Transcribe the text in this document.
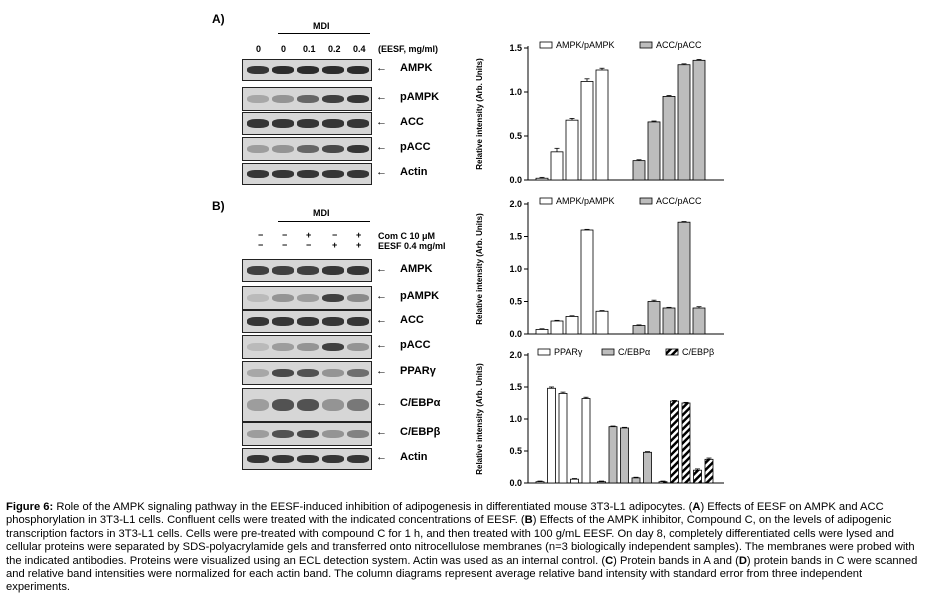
A)	MDI
0 0 0.1 0.2 0.4 (EESF, mg/ml)
← AMPK
← pAMPK
← ACC
← pACC
← Actin
B)	MDI
− − + − +
− − − + +
Com C 10 μM
EESF 0.4 mg/ml
← AMPK
← pAMPK
← ACC
← pACC
← PPARγ
← C/EBPα
← C/EBPβ
← Actin
0.0
0.5
1.0
1.5
Relative intensity (Arb. Units)
AMPK/pAMPK	ACC/pACC
0.0
0.5
1.0
1.5
2.0
Relative intensity (Arb. Units)
AMPK/pAMPK	ACC/pACC
0.0
0.5
1.0
1.5
2.0
Relative intensity (Arb. Units)
PPARγ	C/EBPα	C/EBPβ
Figure 6: Role of the AMPK signaling pathway in the EESF-induced inhibition of adipogenesis in differentiated mouse 3T3-L1 adipocytes. (A) Effects of EESF on AMPK and ACC phosphorylation in 3T3-L1 cells. Confluent cells were treated with the indicated concentrations of EESF. (B) Effects of the AMPK inhibitor, Compound C, on the levels of adipogenic transcription factors in 3T3-L1 cells. Cells were pre-treated with compound C for 1 h, and then treated with 100 g/mL EESF. On day 8, completely differentiated cells were lysed and cellular proteins were separated by SDS-polyacrylamide gels and transferred onto nitrocellulose membranes (n=3 biologically independent samples). The membranes were probed with the indicated antibodies. Proteins were visualized using an ECL detection system. Actin was used as an internal control. (C) Protein bands in A and (D) protein bands in C were scanned and relative band intensities were normalized for each actin band. The column diagrams represent average relative band intensity with standard error from three independent experiments.
